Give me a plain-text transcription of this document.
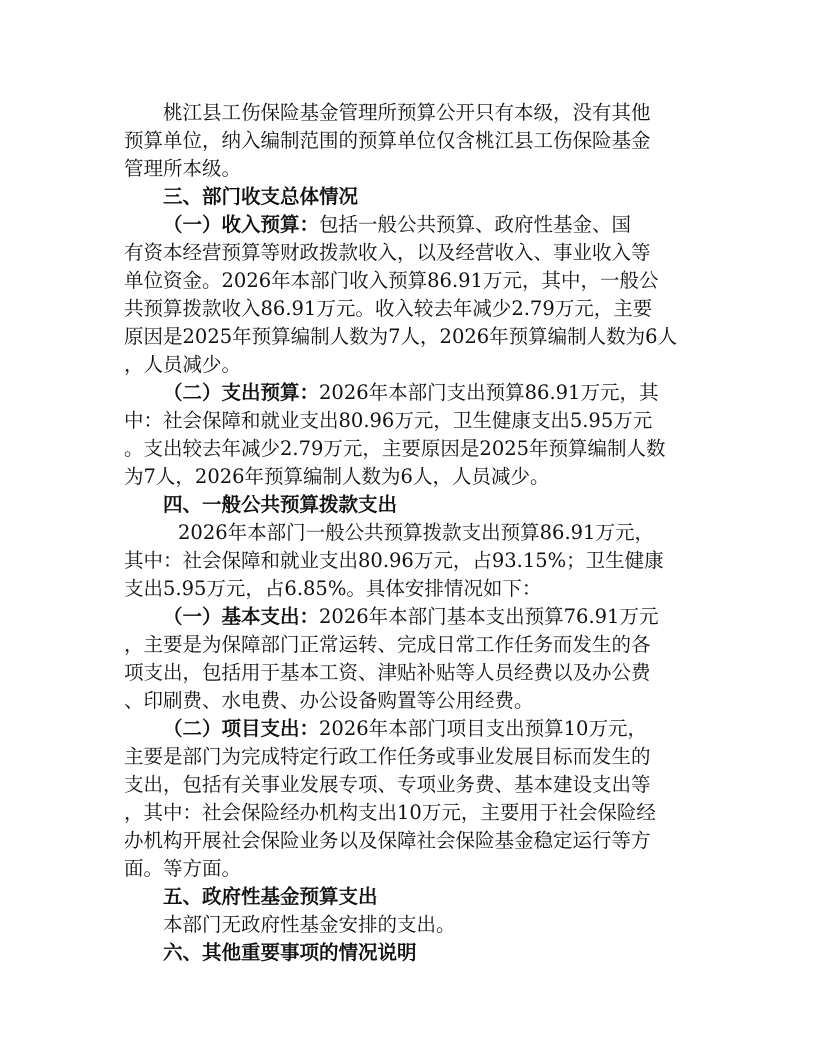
桃江县工伤保险基金管理所预算公开只有本级，没有其他

预算单位，纳入编制范围的预算单位仅含桃江县工伤保险基金

管理所本级。

三、部门收支总体情况

（一）收入预算：包括一般公共预算、政府性基金、国

有资本经营预算等财政拨款收入，以及经营收入、事业收入等

单位资金。2026年本部门收入预算86.91万元，其中，一般公

共预算拨款收入86.91万元。收入较去年减少2.79万元，主要

原因是2025年预算编制人数为7人，2026年预算编制人数为6人

，人员减少。

（二）支出预算：2026年本部门支出预算86.91万元，其

中：社会保障和就业支出80.96万元，卫生健康支出5.95万元

。支出较去年减少2.79万元，主要原因是2025年预算编制人数

为7人，2026年预算编制人数为6人，人员减少。

四、一般公共预算拨款支出

2026年本部门一般公共预算拨款支出预算86.91万元，

其中：社会保障和就业支出80.96万元，占93.15%；卫生健康

支出5.95万元，占6.85%。具体安排情况如下：

（一）基本支出：2026年本部门基本支出预算76.91万元

，主要是为保障部门正常运转、完成日常工作任务而发生的各

项支出，包括用于基本工资、津贴补贴等人员经费以及办公费

、印刷费、水电费、办公设备购置等公用经费。

（二）项目支出：2026年本部门项目支出预算10万元，

主要是部门为完成特定行政工作任务或事业发展目标而发生的

支出，包括有关事业发展专项、专项业务费、基本建设支出等

，其中：社会保险经办机构支出10万元，主要用于社会保险经

办机构开展社会保险业务以及保障社会保险基金稳定运行等方

面。等方面。

五、政府性基金预算支出

本部门无政府性基金安排的支出。

六、其他重要事项的情况说明
